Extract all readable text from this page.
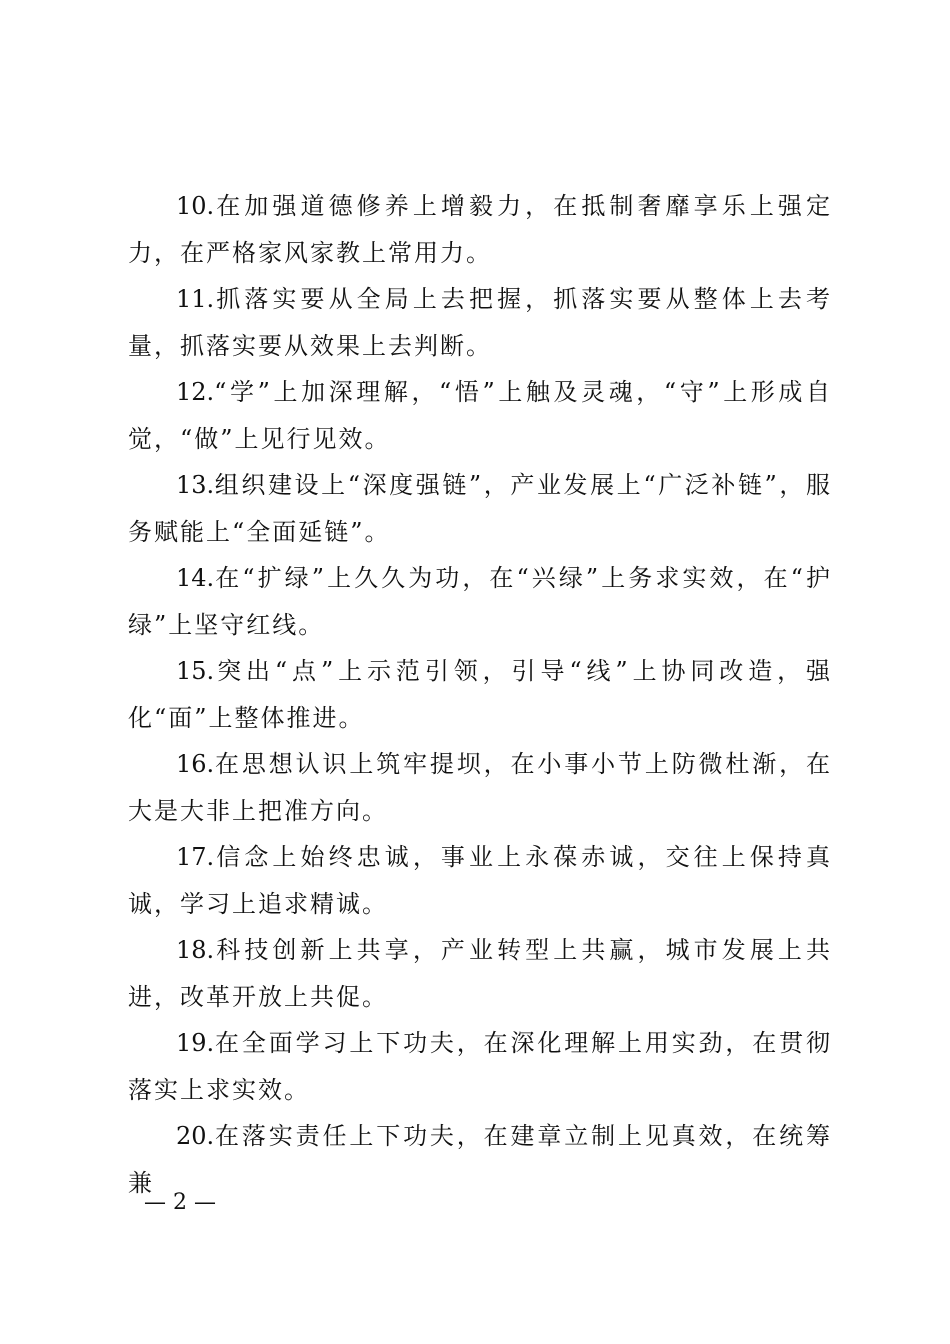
10.在加强道德修养上增毅力，在抵制奢靡享乐上强定力，在严格家风家教上常用力。

11.抓落实要从全局上去把握，抓落实要从整体上去考量，抓落实要从效果上去判断。

12.“学”上加深理解，“悟”上触及灵魂，“守”上形成自觉，“做”上见行见效。

13.组织建设上“深度强链”，产业发展上“广泛补链”，服务赋能上“全面延链”。

14.在“扩绿”上久久为功，在“兴绿”上务求实效，在“护绿”上坚守红线。

15.突出“点”上示范引领，引导“线”上协同改造，强化“面”上整体推进。

16.在思想认识上筑牢提坝，在小事小节上防微杜渐，在大是大非上把准方向。

17.信念上始终忠诚，事业上永葆赤诚，交往上保持真诚，学习上追求精诚。

18.科技创新上共享，产业转型上共赢，城市发展上共进，改革开放上共促。

19.在全面学习上下功夫，在深化理解上用实劲，在贯彻落实上求实效。

20.在落实责任上下功夫，在建章立制上见真效，在统筹兼

— 2 —
